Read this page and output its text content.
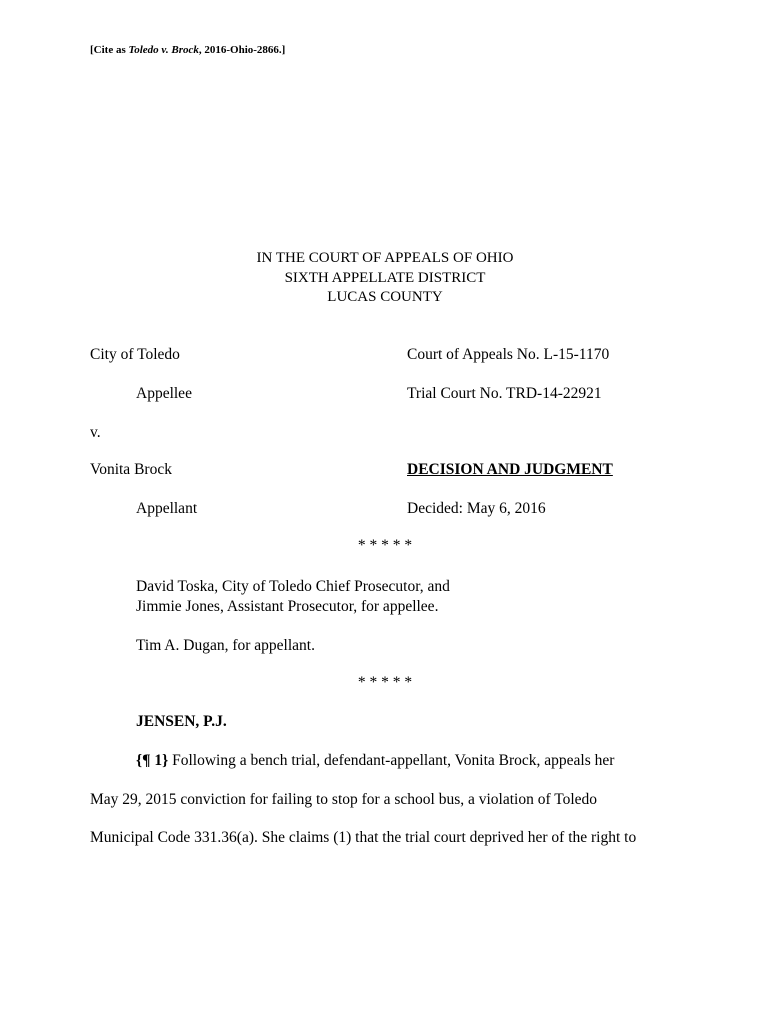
[Cite as Toledo v. Brock, 2016-Ohio-2866.]
IN THE COURT OF APPEALS OF OHIO
SIXTH APPELLATE DISTRICT
LUCAS COUNTY
City of Toledo
Appellee
v.
Vonita Brock
Appellant
Court of Appeals No. L-15-1170
Trial Court No. TRD-14-22921
DECISION AND JUDGMENT
Decided: May 6, 2016
* * * * *
David Toska, City of Toledo Chief Prosecutor, and
Jimmie Jones, Assistant Prosecutor, for appellee.
Tim A. Dugan, for appellant.
* * * * *
JENSEN, P.J.
{¶ 1} Following a bench trial, defendant-appellant, Vonita Brock, appeals her
May 29, 2015 conviction for failing to stop for a school bus, a violation of Toledo
Municipal Code 331.36(a). She claims (1) that the trial court deprived her of the right to
